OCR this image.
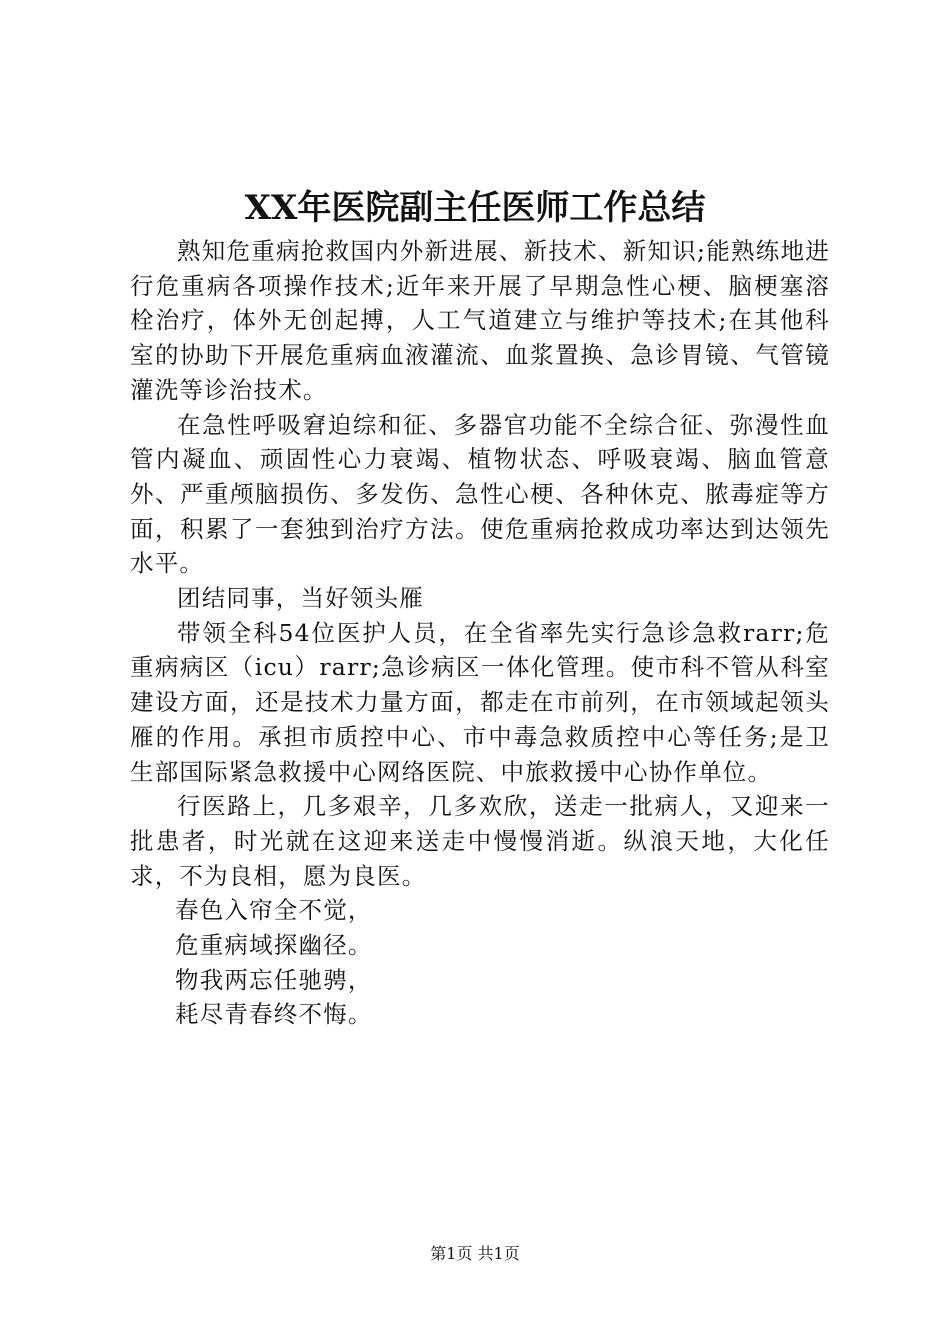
XX年医院副主任医师工作总结

熟知危重病抢救国内外新进展、新技术、新知识;能熟练地进行危重病各项操作技术;近年来开展了早期急性心梗、脑梗塞溶栓治疗，体外无创起搏，人工气道建立与维护等技术;在其他科室的协助下开展危重病血液灌流、血浆置换、急诊胃镜、气管镜灌洗等诊治技术。

在急性呼吸窘迫综和征、多器官功能不全综合征、弥漫性血管内凝血、顽固性心力衰竭、植物状态、呼吸衰竭、脑血管意外、严重颅脑损伤、多发伤、急性心梗、各种休克、脓毒症等方面，积累了一套独到治疗方法。使危重病抢救成功率达到达领先水平。

团结同事，当好领头雁

带领全科54位医护人员，在全省率先实行急诊急救rarr;危重病病区（icu）rarr;急诊病区一体化管理。使市科不管从科室建设方面，还是技术力量方面，都走在市前列，在市领域起领头雁的作用。承担市质控中心、市中毒急救质控中心等任务;是卫生部国际紧急救援中心网络医院、中旅救援中心协作单位。

行医路上，几多艰辛，几多欢欣，送走一批病人，又迎来一批患者，时光就在这迎来送走中慢慢消逝。纵浪天地，大化任求，不为良相，愿为良医。

春色入帘全不觉，

危重病域探幽径。

物我两忘任驰骋，

耗尽青春终不悔。

第1页 共1页
